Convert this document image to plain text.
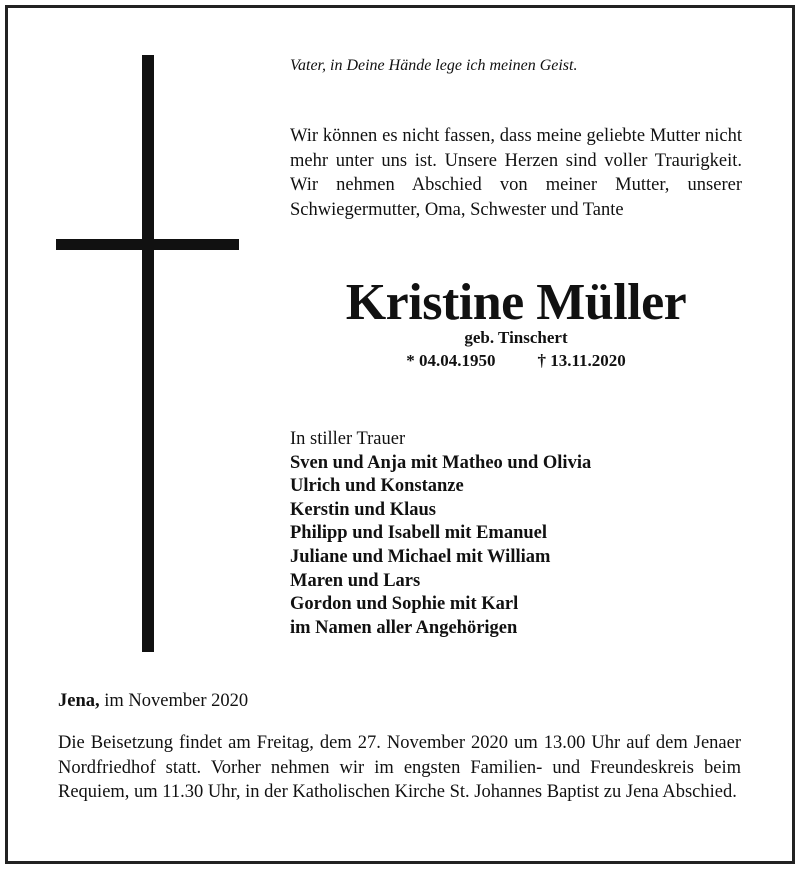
Vater, in Deine Hände lege ich meinen Geist.
Wir können es nicht fassen, dass meine geliebte Mutter nicht mehr unter uns ist. Unsere Herzen sind voller Traurigkeit. Wir nehmen Abschied von meiner Mutter, unserer Schwiegermutter, Oma, Schwester und Tante
Kristine Müller
geb. Tinschert
* 04.04.1950 † 13.11.2020
In stiller Trauer
Sven und Anja mit Matheo und Olivia
Ulrich und Konstanze
Kerstin und Klaus
Philipp und Isabell mit Emanuel
Juliane und Michael mit William
Maren und Lars
Gordon und Sophie mit Karl
im Namen aller Angehörigen
Jena, im November 2020
Die Beisetzung findet am Freitag, dem 27. November 2020 um 13.00 Uhr auf dem Jenaer Nordfriedhof statt. Vorher nehmen wir im engsten Familien- und Freundeskreis beim Requiem, um 11.30 Uhr, in der Katholischen Kirche St. Johannes Baptist zu Jena Abschied.
